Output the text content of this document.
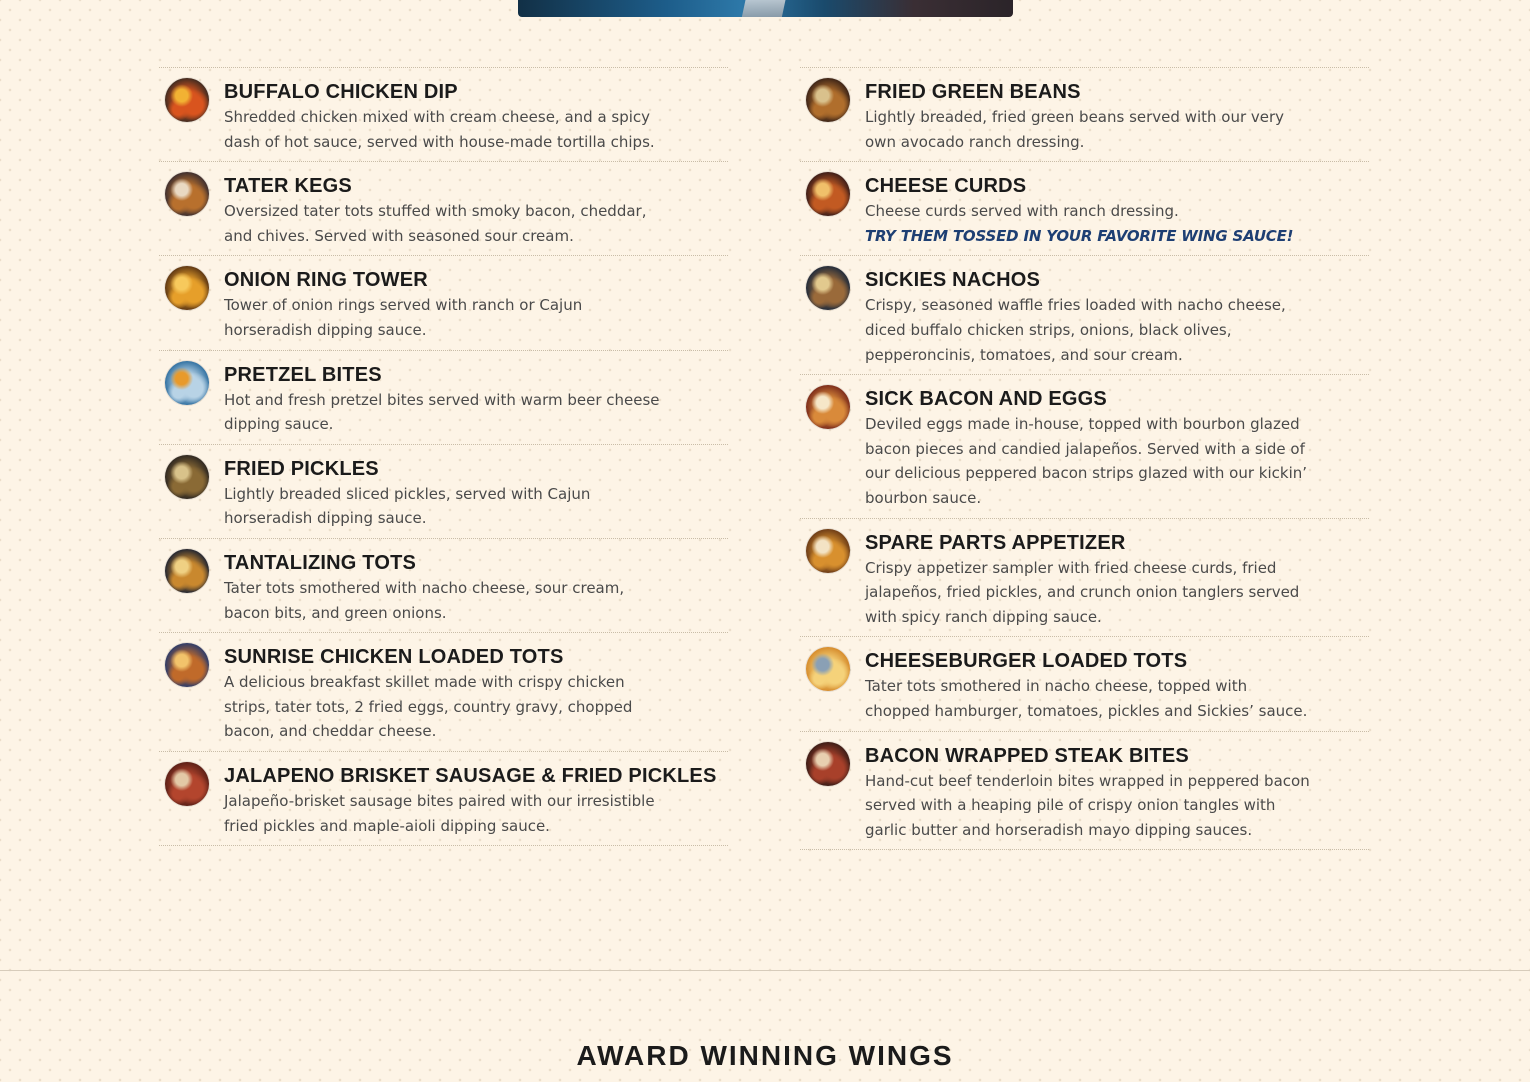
BUFFALO CHICKEN DIP

Shredded chicken mixed with cream cheese, and a spicy dash of hot sauce, served with house-made tortilla chips.

TATER KEGS

Oversized tater tots stuffed with smoky bacon, cheddar, and chives. Served with seasoned sour cream.

ONION RING TOWER

Tower of onion rings served with ranch or Cajun horseradish dipping sauce.

PRETZEL BITES

Hot and fresh pretzel bites served with warm beer cheese dipping sauce.

FRIED PICKLES

Lightly breaded sliced pickles, served with Cajun horseradish dipping sauce.

TANTALIZING TOTS

Tater tots smothered with nacho cheese, sour cream, bacon bits, and green onions.

SUNRISE CHICKEN LOADED TOTS

A delicious breakfast skillet made with crispy chicken strips, tater tots, 2 fried eggs, country gravy, chopped bacon, and cheddar cheese.

JALAPENO BRISKET SAUSAGE & FRIED PICKLES

Jalapeño-brisket sausage bites paired with our irresistible fried pickles and maple-aioli dipping sauce.

FRIED GREEN BEANS

Lightly breaded, fried green beans served with our very own avocado ranch dressing.

CHEESE CURDS

Cheese curds served with ranch dressing.

TRY THEM TOSSED IN YOUR FAVORITE WING SAUCE!

SICKIES NACHOS

Crispy, seasoned waffle fries loaded with nacho cheese, diced buffalo chicken strips, onions, black olives, pepperoncinis, tomatoes, and sour cream.

SICK BACON AND EGGS

Deviled eggs made in-house, topped with bourbon glazed bacon pieces and candied jalapeños. Served with a side of our delicious peppered bacon strips glazed with our kickin’ bourbon sauce.

SPARE PARTS APPETIZER

Crispy appetizer sampler with fried cheese curds, fried jalapeños, fried pickles, and crunch onion tanglers served with spicy ranch dipping sauce.

CHEESEBURGER LOADED TOTS

Tater tots smothered in nacho cheese, topped with chopped hamburger, tomatoes, pickles and Sickies’ sauce.

BACON WRAPPED STEAK BITES

Hand-cut beef tenderloin bites wrapped in peppered bacon served with a heaping pile of crispy onion tangles with garlic butter and horseradish mayo dipping sauces.

AWARD WINNING WINGS
